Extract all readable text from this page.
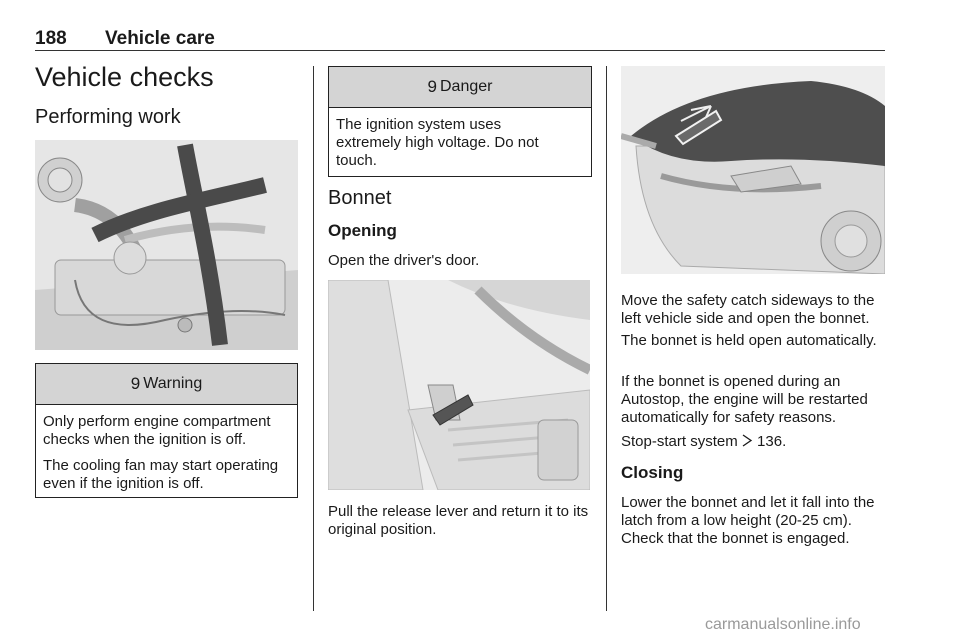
188 Vehicle care
Vehicle checks
Performing work
9 Warning

Only perform engine compartment checks when the ignition is off.

The cooling fan may start operating even if the ignition is off.

9 Danger

The ignition system uses extremely high voltage. Do not touch.

Bonnet
Opening
Open the driver's door.
Pull the release lever and return it to its original position.
Move the safety catch sideways to the left vehicle side and open the bonnet.
The bonnet is held open automatically.
If the bonnet is opened during an Autostop, the engine will be restarted automatically for safety reasons.
Stop-start system 136.
Closing
Lower the bonnet and let it fall into the latch from a low height (20-25 cm). Check that the bonnet is engaged.
carmanualsonline.info
